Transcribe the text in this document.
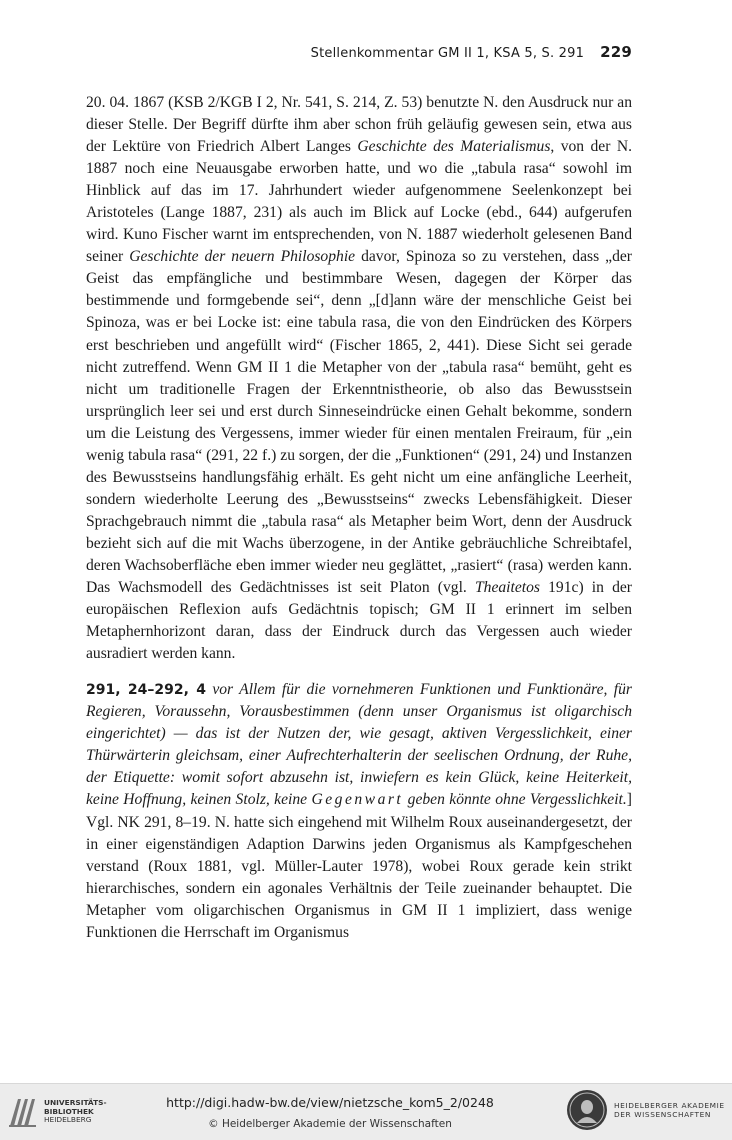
Stellenkommentar GM II 1, KSA 5, S. 291 229

20. 04. 1867 (KSB 2/KGB I 2, Nr. 541, S. 214, Z. 53) benutzte N. den Ausdruck nur an dieser Stelle. Der Begriff dürfte ihm aber schon früh geläufig gewesen sein, etwa aus der Lektüre von Friedrich Albert Langes Geschichte des Materialismus, von der N. 1887 noch eine Neuausgabe erworben hatte, und wo die „tabula rasa“ sowohl im Hinblick auf das im 17. Jahrhundert wieder aufgenommene Seelenkonzept bei Aristoteles (Lange 1887, 231) als auch im Blick auf Locke (ebd., 644) aufgerufen wird. Kuno Fischer warnt im entsprechenden, von N. 1887 wiederholt gelesenen Band seiner Geschichte der neuern Philosophie davor, Spinoza so zu verstehen, dass „der Geist das empfängliche und bestimmbare Wesen, dagegen der Körper das bestimmende und formgebende sei“, denn „[d]ann wäre der menschliche Geist bei Spinoza, was er bei Locke ist: eine tabula rasa, die von den Eindrücken des Körpers erst beschrieben und angefüllt wird“ (Fischer 1865, 2, 441). Diese Sicht sei gerade nicht zutreffend. Wenn GM II 1 die Metapher von der „tabula rasa“ bemüht, geht es nicht um traditionelle Fragen der Erkenntnistheorie, ob also das Bewusstsein ursprünglich leer sei und erst durch Sinneseindrücke einen Gehalt bekomme, sondern um die Leistung des Vergessens, immer wieder für einen mentalen Freiraum, für „ein wenig tabula rasa“ (291, 22 f.) zu sorgen, der die „Funktionen“ (291, 24) und Instanzen des Bewusstseins handlungsfähig erhält. Es geht nicht um eine anfängliche Leerheit, sondern wiederholte Leerung des „Bewusstseins“ zwecks Lebensfähigkeit. Dieser Sprachgebrauch nimmt die „tabula rasa“ als Metapher beim Wort, denn der Ausdruck bezieht sich auf die mit Wachs überzogene, in der Antike gebräuchliche Schreibtafel, deren Wachsoberfläche eben immer wieder neu geglättet, „rasiert“ (rasa) werden kann. Das Wachsmodell des Gedächtnisses ist seit Platon (vgl. Theaitetos 191c) in der europäischen Reflexion aufs Gedächtnis topisch; GM II 1 erinnert im selben Metaphernhorizont daran, dass der Eindruck durch das Vergessen auch wieder ausradiert werden kann.

291, 24–292, 4 vor Allem für die vornehmeren Funktionen und Funktionäre, für Regieren, Voraussehn, Vorausbestimmen (denn unser Organismus ist oligarchisch eingerichtet) — das ist der Nutzen der, wie gesagt, aktiven Vergesslichkeit, einer Thürwärterin gleichsam, einer Aufrechterhalterin der seelischen Ordnung, der Ruhe, der Etiquette: womit sofort abzusehn ist, inwiefern es kein Glück, keine Heiterkeit, keine Hoffnung, keinen Stolz, keine Gegenwart geben könnte ohne Vergesslichkeit.] Vgl. NK 291, 8–19. N. hatte sich eingehend mit Wilhelm Roux auseinandergesetzt, der in einer eigenständigen Adaption Darwins jeden Organismus als Kampfgeschehen verstand (Roux 1881, vgl. Müller-Lauter 1978), wobei Roux gerade kein strikt hierarchisches, sondern ein agonales Verhältnis der Teile zueinander behauptet. Die Metapher vom oligarchischen Organismus in GM II 1 impliziert, dass wenige Funktionen die Herrschaft im Organismus

UNIVERSITÄTS-
BIBLIOTHEK
HEIDELBERG
http://digi.hadw-bw.de/view/nietzsche_kom5_2/0248
© Heidelberger Akademie der Wissenschaften
HEIDELBERGER AKADEMIE
DER WISSENSCHAFTEN
